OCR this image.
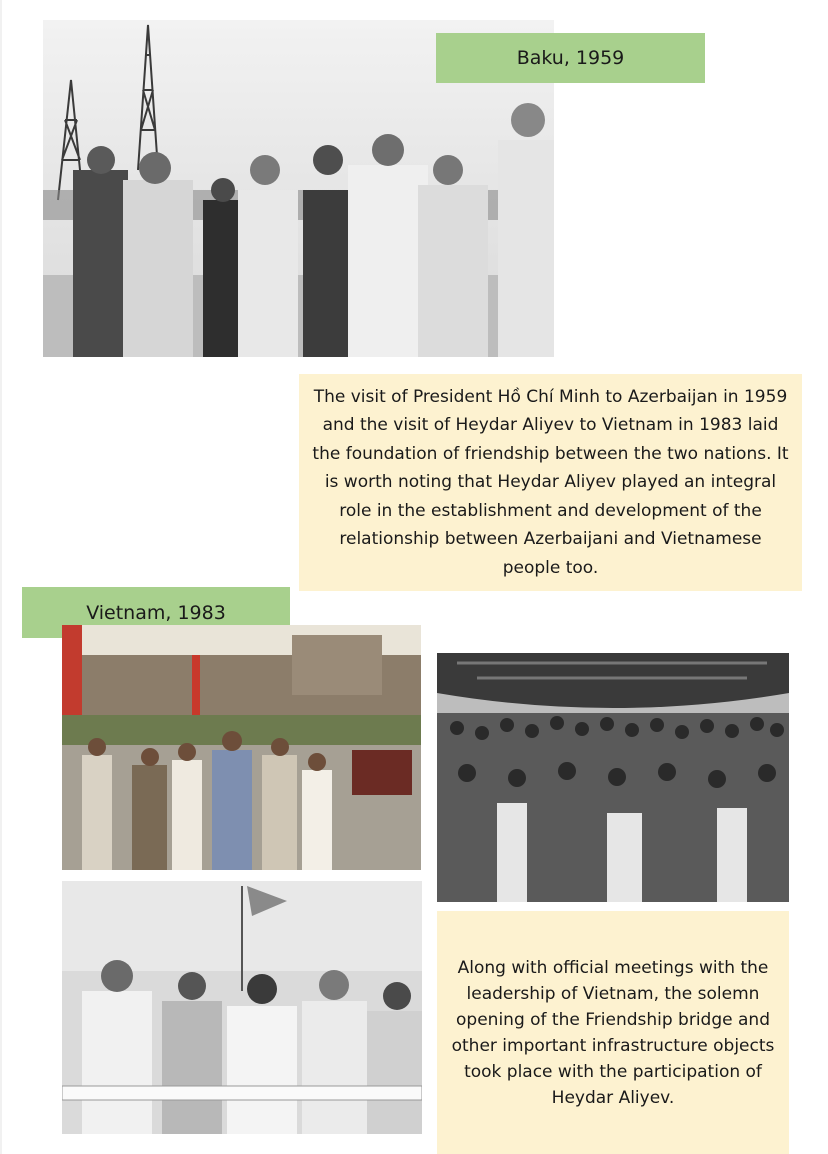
Baku, 1959
The visit of President Hồ Chí Minh to Azerbaijan in 1959 and the visit of Heydar Aliyev to Vietnam in 1983 laid the foundation of friendship between the two nations. It is worth noting that Heydar Aliyev played an integral role in the establishment and development of the relationship between Azerbaijani and Vietnamese people too.
Vietnam, 1983
Along with official meetings with the leadership of Vietnam, the solemn opening of the Friendship bridge and other important infrastructure objects took place with the participation of Heydar Aliyev.
